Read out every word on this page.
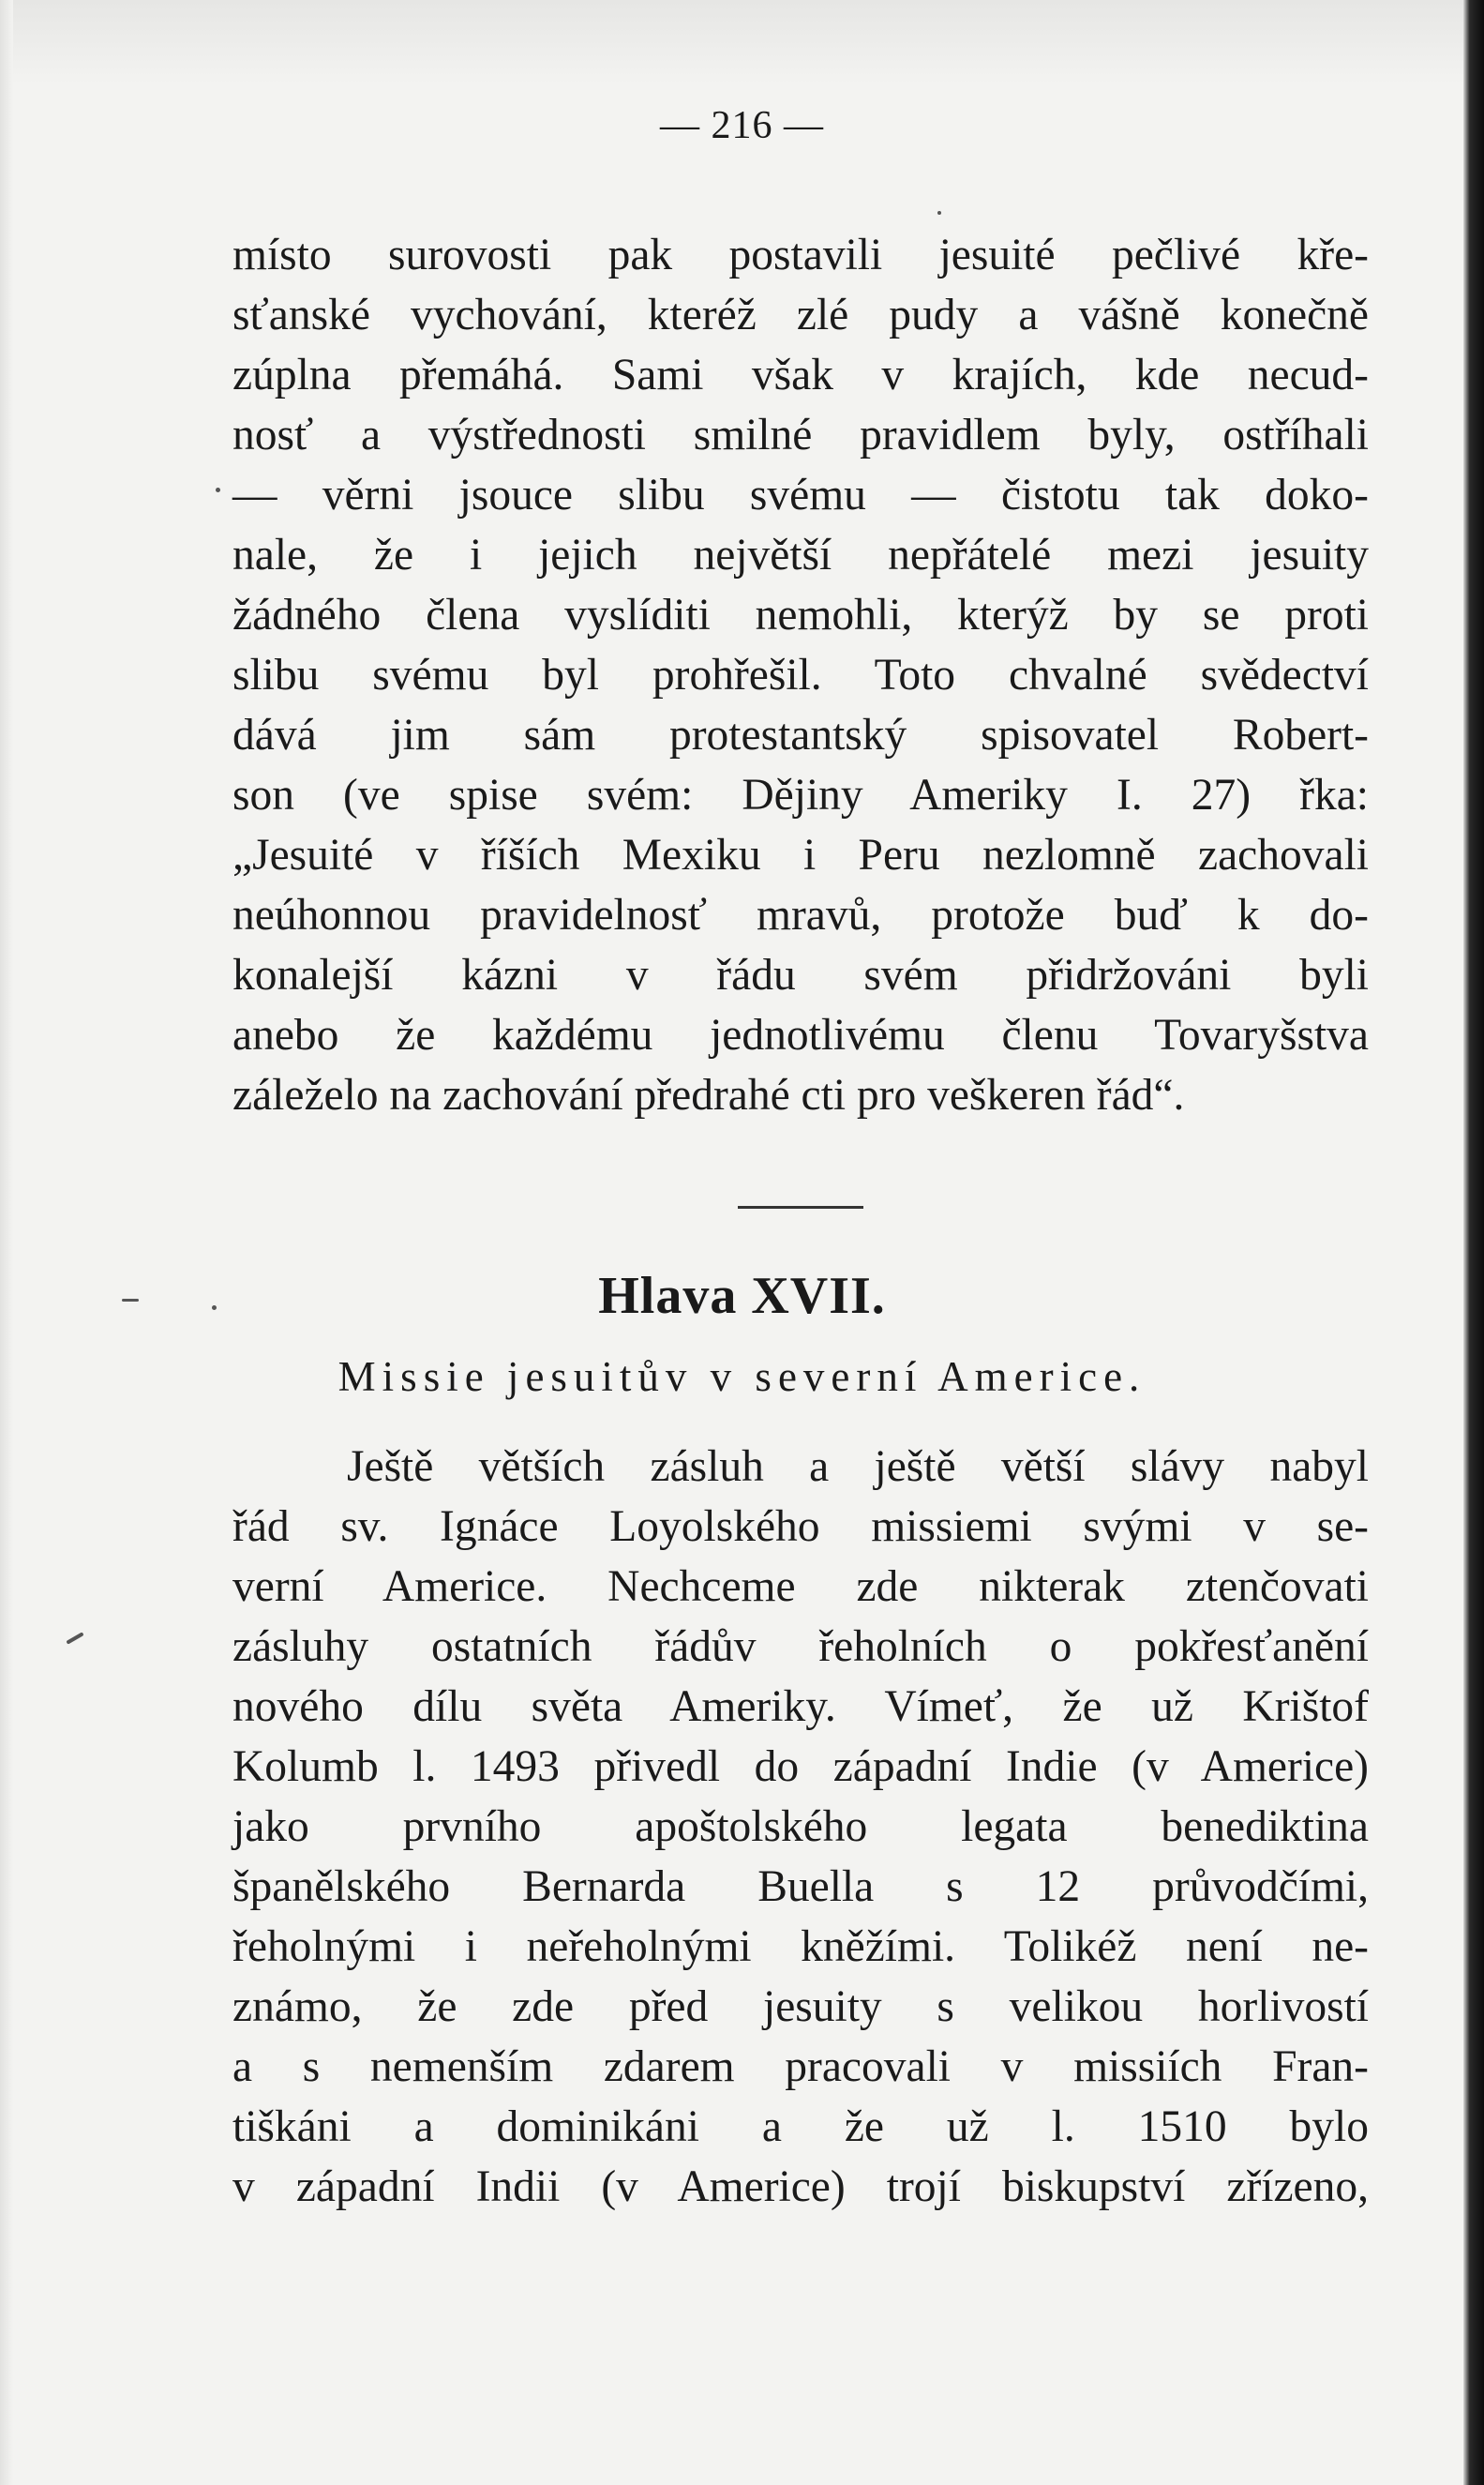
— 216 —
místo surovosti pak postavili jesuité pečlivé kře-
sťanské vychování, kteréž zlé pudy a vášně konečně
zúplna přemáhá. Sami však v krajích, kde necud-
nosť a výstřednosti smilné pravidlem byly, ostříhali
— věrni jsouce slibu svému — čistotu tak doko-
nale, že i jejich největší nepřátelé mezi jesuity
žádného člena vyslíditi nemohli, kterýž by se proti
slibu svému byl prohřešil. Toto chvalné svědectví
dává jim sám protestantský spisovatel Robert-
son (ve spise svém: Dějiny Ameriky I. 27) řka:
„Jesuité v říších Mexiku i Peru nezlomně zachovali
neúhonnou pravidelnosť mravů, protože buď k do-
konalejší kázni v řádu svém přidržováni byli
anebo že každému jednotlivému členu Tovaryšstva
záleželo na zachování předrahé cti pro veškeren řád“.
Hlava XVII.
Missie jesuitův v severní Americe.
Ještě větších zásluh a ještě větší slávy nabyl
řád sv. Ignáce Loyolského missiemi svými v se-
verní Americe. Nechceme zde nikterak ztenčovati
zásluhy ostatních řádův řeholních o pokřesťanění
nového dílu světa Ameriky. Vímeť, že už Krištof
Kolumb l. 1493 přivedl do západní Indie (v Americe)
jako prvního apoštolského legata benediktina
španělského Bernarda Buella s 12 průvodčími,
řeholnými i neřeholnými kněžími. Tolikéž není ne-
známo, že zde před jesuity s velikou horlivostí
a s nemenším zdarem pracovali v missiích Fran-
tiškáni a dominikáni a že už l. 1510 bylo
v západní Indii (v Americe) trojí biskupství zřízeno,
